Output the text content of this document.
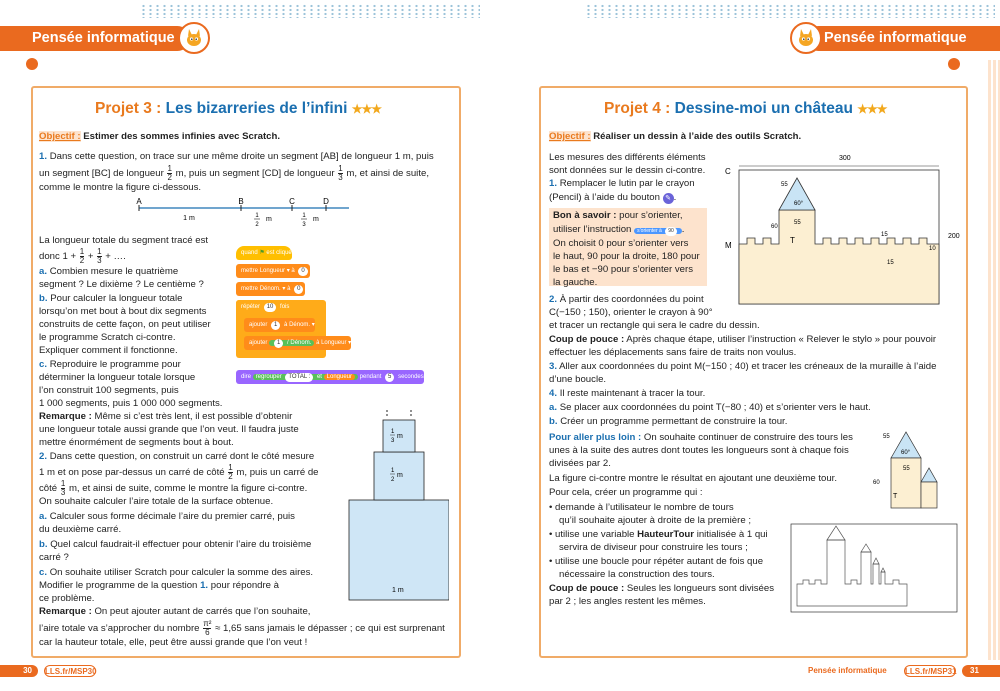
Pensée informatique	Pensée informatique
Projet 3 : Les bizarreries de l’infini ★★★
Objectif : Estimer des sommes infinies avec Scratch.
1. Dans cette question, on trace sur une même droite un segment [AB] de longueur 1 m, puis
un segment [BC] de longueur $\frac{1}{2} m$, puis un segment [CD] de longueur $\frac{1}{3} m$, et ainsi de suite,
comme le montre la figure ci-dessous.
A	B	C	D
1 m	1
2
m	1
3
m
La longueur totale du segment tracé est
donc $1 + \frac{1}{2} + \frac{1}{3}$ + ….
a. Combien mesure le quatrième
segment ? Le dixième ? Le centième ?
b. Pour calculer la longueur totale
lorsqu’on met bout à bout dix segments
construits de cette façon, on peut utiliser
le programme Scratch ci-contre.
Expliquer comment il fonctionne.
c. Reproduire le programme pour
déterminer la longueur totale lorsque
l’on construit 100 segments, puis
1 000 segments, puis 1 000 000 segments.
quand ⚑ est cliqué
mettre Longueur ▾ à 0
mettre Dénom. ▾ à 0
répéter 10 fois
ajouter 1 à Dénom. ▾
ajouter 1 / Dénom. à Longueur ▾
dire regrouper TOTAL : et Longueur pendant 5 secondes
Remarque : Même si c’est très lent, il est possible d’obtenir
une longueur totale aussi grande que l’on veut. Il faudra juste
mettre énormément de segments bout à bout.
2. Dans cette question, on construit un carré dont le côté mesure
1 m et on pose par-dessus un carré de côté $\frac{1}{2} m$, puis un carré de
côté $\frac{1}{3} m$, et ainsi de suite, comme le montre la figure ci-contre.
On souhaite calculer l’aire totale de la surface obtenue.
a. Calculer sous forme décimale l’aire du premier carré, puis
du deuxième carré.
b. Quel calcul faudrait-il effectuer pour obtenir l’aire du troisième
carré ?
c. On souhaite utiliser Scratch pour calculer la somme des aires.
Modifier le programme de la question 1. pour répondre à
ce problème.
Remarque : On peut ajouter autant de carrés que l’on souhaite,
l’aire totale va s’approcher du nombre $\frac{\text{π²}}{6} \approx 1,65$ sans jamais le dépasser ; ce qui est surprenant
car la hauteur totale, elle, peut être aussi grande que l’on veut !
1
3
m
1
2
m
1 m
Projet 4 : Dessine-moi un château ★★★
Objectif : Réaliser un dessin à l’aide des outils Scratch.
Les mesures des différents éléments
sont données sur le dessin ci-contre.
1. Remplacer le lutin par le crayon
(Pencil) à l’aide du bouton ✎ .
Bon à savoir : pour s’orienter,
utiliser l’instruction s’orienter à 90 .
On choisit 0 pour s’orienter vers
le haut, 90 pour la droite, 180 pour
le bas et −90 pour s’orienter vers
la gauche.
2. À partir des coordonnées du point
C(−150 ; 150), orienter le crayon à 90°
et tracer un rectangle qui sera le cadre du dessin.
Coup de pouce : Après chaque étape, utiliser l’instruction « Relever le stylo » pour pouvoir
effectuer les déplacements sans faire de traits non voulus.
3. Aller aux coordonnées du point M(−150 ; 40) et tracer les créneaux de la muraille à l’aide
d’une boucle.
4. Il reste maintenant à tracer la tour.
a. Se placer aux coordonnées du point T(−80 ; 40) et s’orienter vers le haut.
b. Créer un programme permettant de construire la tour.
Pour aller plus loin : On souhaite continuer de construire des tours les
unes à la suite des autres dont toutes les longueurs sont à chaque fois
divisées par 2.
La figure ci-contre montre le résultat en ajoutant une deuxième tour.
Pour cela, créer un programme qui :
• demande à l’utilisateur le nombre de tours
qu’il souhaite ajouter à droite de la première ;
• utilise une variable HauteurTour initialisée à 1 qui
servira de diviseur pour construire les tours ;
• utilise une boucle pour répéter autant de fois que
nécessaire la construction des tours.
Coup de pouce : Seules les longueurs sont divisées
par 2 ; les angles restent les mêmes.
300
200
C
M
T
55
60°
55
60
15
15
10
55
60°
55
60
T
30	LLS.fr/MSP30	Pensée informatique LLS.fr/MSP31	31
